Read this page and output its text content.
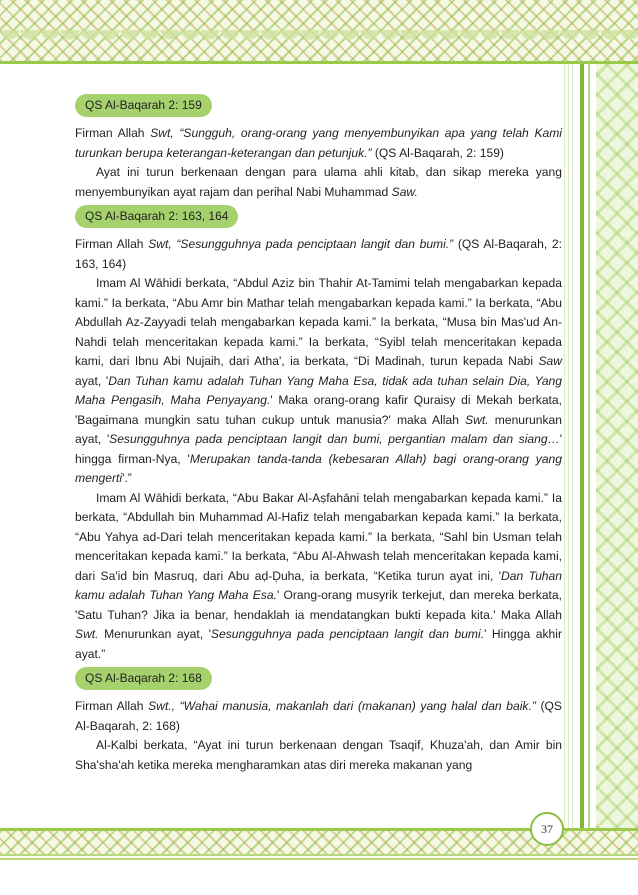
37
QS Al-Baqarah 2: 159

Firman Allah Swt, “Sungguh, orang-orang yang menyembunyikan apa yang telah Kami turunkan berupa keterangan-keterangan dan petunjuk.” (QS Al-Baqarah, 2: 159)

Ayat ini turun berkenaan dengan para ulama ahli kitab, dan sikap mereka yang menyembunyikan ayat rajam dan perihal Nabi Muhammad Saw.

QS Al-Baqarah 2: 163, 164

Firman Allah Swt, “Sesungguhnya pada penciptaan langit dan bumi.” (QS Al-Baqarah, 2: 163, 164)

Imam Al Wāhidi berkata, “Abdul Aziz bin Thahir At-Tamimi telah mengabarkan kepada kami.” Ia berkata, “Abu Amr bin Mathar telah mengabarkan kepada kami.” Ia berkata, “Abu Abdullah Az-Zayyadi telah mengabarkan kepada kami.” Ia berkata, “Musa bin Mas'ud An-Nahdi telah menceritakan kepada kami.” Ia berkata, “Syibl telah menceritakan kepada kami, dari Ibnu Abi Nujaih, dari Atha', ia berkata, “Di Madinah, turun kepada Nabi Saw ayat, 'Dan Tuhan kamu adalah Tuhan Yang Maha Esa, tidak ada tuhan selain Dia, Yang Maha Pengasih, Maha Penyayang.' Maka orang-orang kafir Quraisy di Mekah berkata, 'Bagaimana mungkin satu tuhan cukup untuk manusia?' maka Allah Swt. menurunkan ayat, 'Sesungguhnya pada penciptaan langit dan bumi, pergantian malam dan siang…' hingga firman-Nya, 'Merupakan tanda-tanda (kebesaran Allah) bagi orang-orang yang mengerti'.”

Imam Al Wāhidi berkata, “Abu Bakar Al-Aṣfahāni telah mengabarkan kepada kami.” Ia berkata, “Abdullah bin Muhammad Al-Hafiz telah mengabarkan kepada kami.” Ia berkata, “Abu Yahya ad-Dari telah menceritakan kepada kami.” Ia berkata, “Sahl bin Usman telah menceritakan kepada kami.” Ia berkata, “Abu Al-Ahwash telah menceritakan kepada kami, dari Sa'id bin Masruq, dari Abu aḍ-Ḍuha, ia berkata, “Ketika turun ayat ini, 'Dan Tuhan kamu adalah Tuhan Yang Maha Esa.' Orang-orang musyrik terkejut, dan mereka berkata, 'Satu Tuhan? Jika ia benar, hendaklah ia mendatangkan bukti kepada kita.' Maka Allah Swt. Menurunkan ayat, 'Sesungguhnya pada penciptaan langit dan bumi.' Hingga akhir ayat.”

QS Al-Baqarah 2: 168

Firman Allah Swt., “Wahai manusia, makanlah dari (makanan) yang halal dan baik.” (QS Al-Baqarah, 2: 168)

Al-Kalbi berkata, “Ayat ini turun berkenaan dengan Tsaqif, Khuza'ah, dan Amir bin Sha'sha'ah ketika mereka mengharamkan atas diri mereka makanan yang
